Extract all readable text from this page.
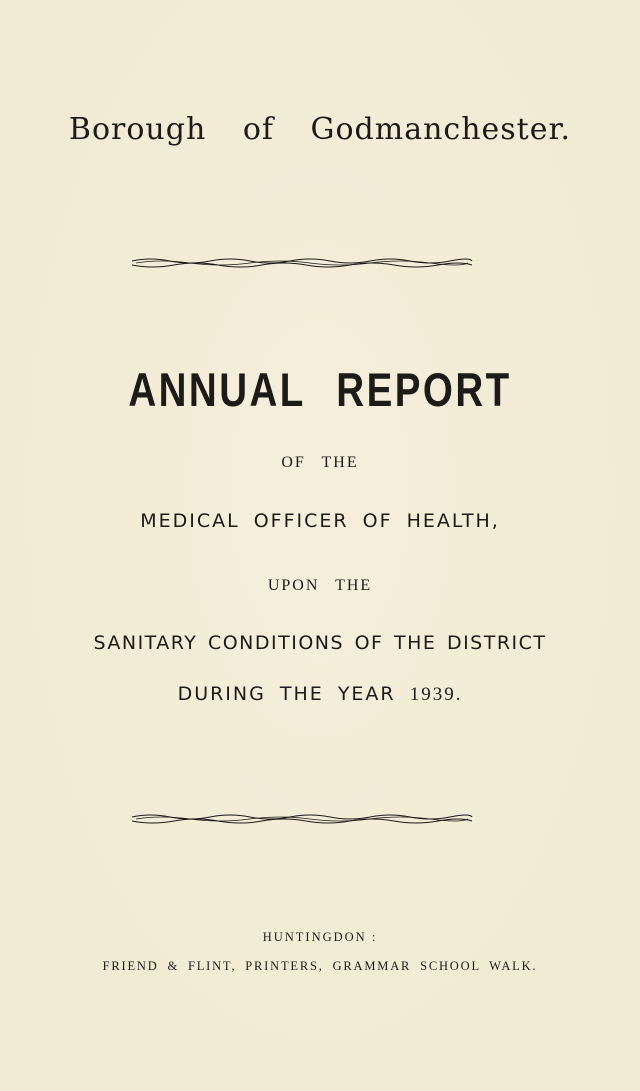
Borough of Godmanchester.
ANNUAL REPORT
OF THE
MEDICAL OFFICER OF HEALTH,
UPON THE
SANITARY CONDITIONS OF THE DISTRICT
DURING THE YEAR 1939.
HUNTINGDON :
FRIEND & FLINT, PRINTERS, GRAMMAR SCHOOL WALK.
